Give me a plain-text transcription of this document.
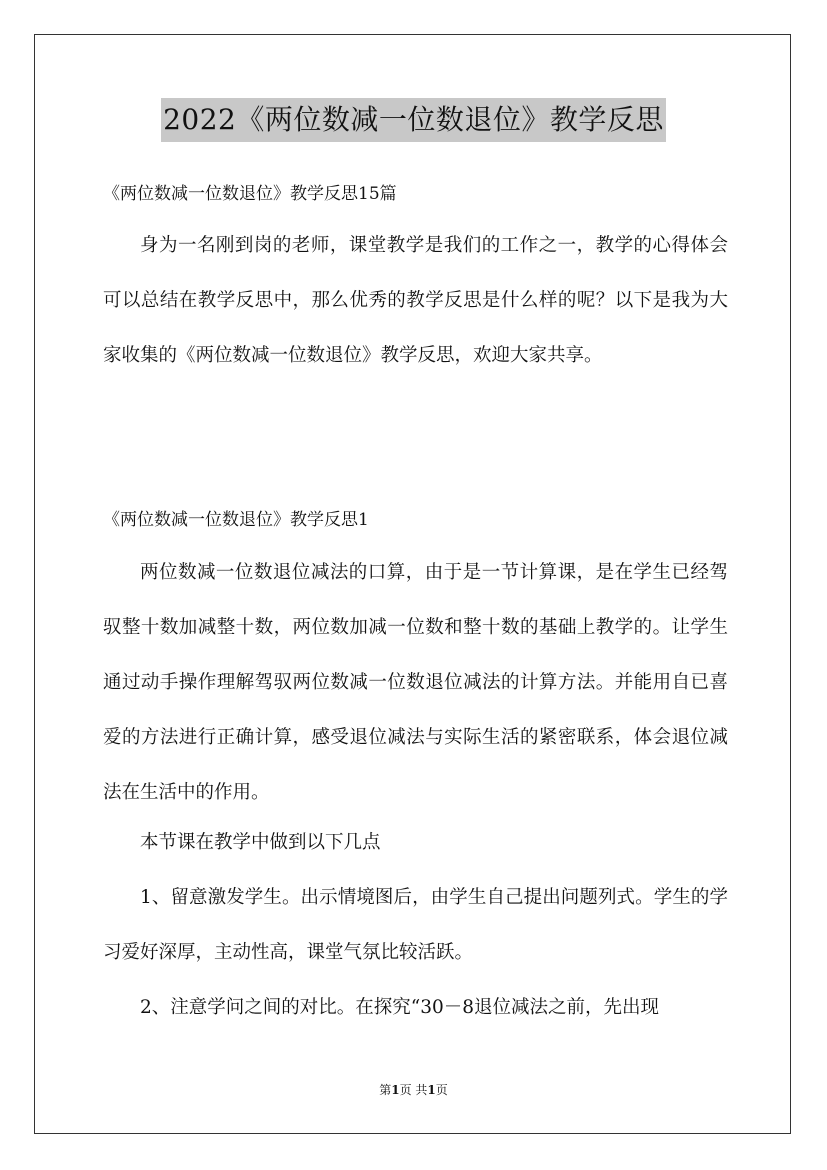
2022《两位数减一位数退位》教学反思
《两位数减一位数退位》教学反思15篇

身为一名刚到岗的老师，课堂教学是我们的工作之一，教学的心得体会可以总结在教学反思中，那么优秀的教学反思是什么样的呢？以下是我为大家收集的《两位数减一位数退位》教学反思，欢迎大家共享。

《两位数减一位数退位》教学反思1

两位数减一位数退位减法的口算，由于是一节计算课，是在学生已经驾驭整十数加减整十数，两位数加减一位数和整十数的基础上教学的。让学生通过动手操作理解驾驭两位数减一位数退位减法的计算方法。并能用自已喜爱的方法进行正确计算，感受退位减法与实际生活的紧密联系，体会退位减法在生活中的作用。

本节课在教学中做到以下几点

1、留意激发学生。出示情境图后，由学生自己提出问题列式。学生的学习爱好深厚，主动性高，课堂气氛比较活跃。

2、注意学问之间的对比。在探究“30－8退位减法之前，先出现

第1页 共1页
